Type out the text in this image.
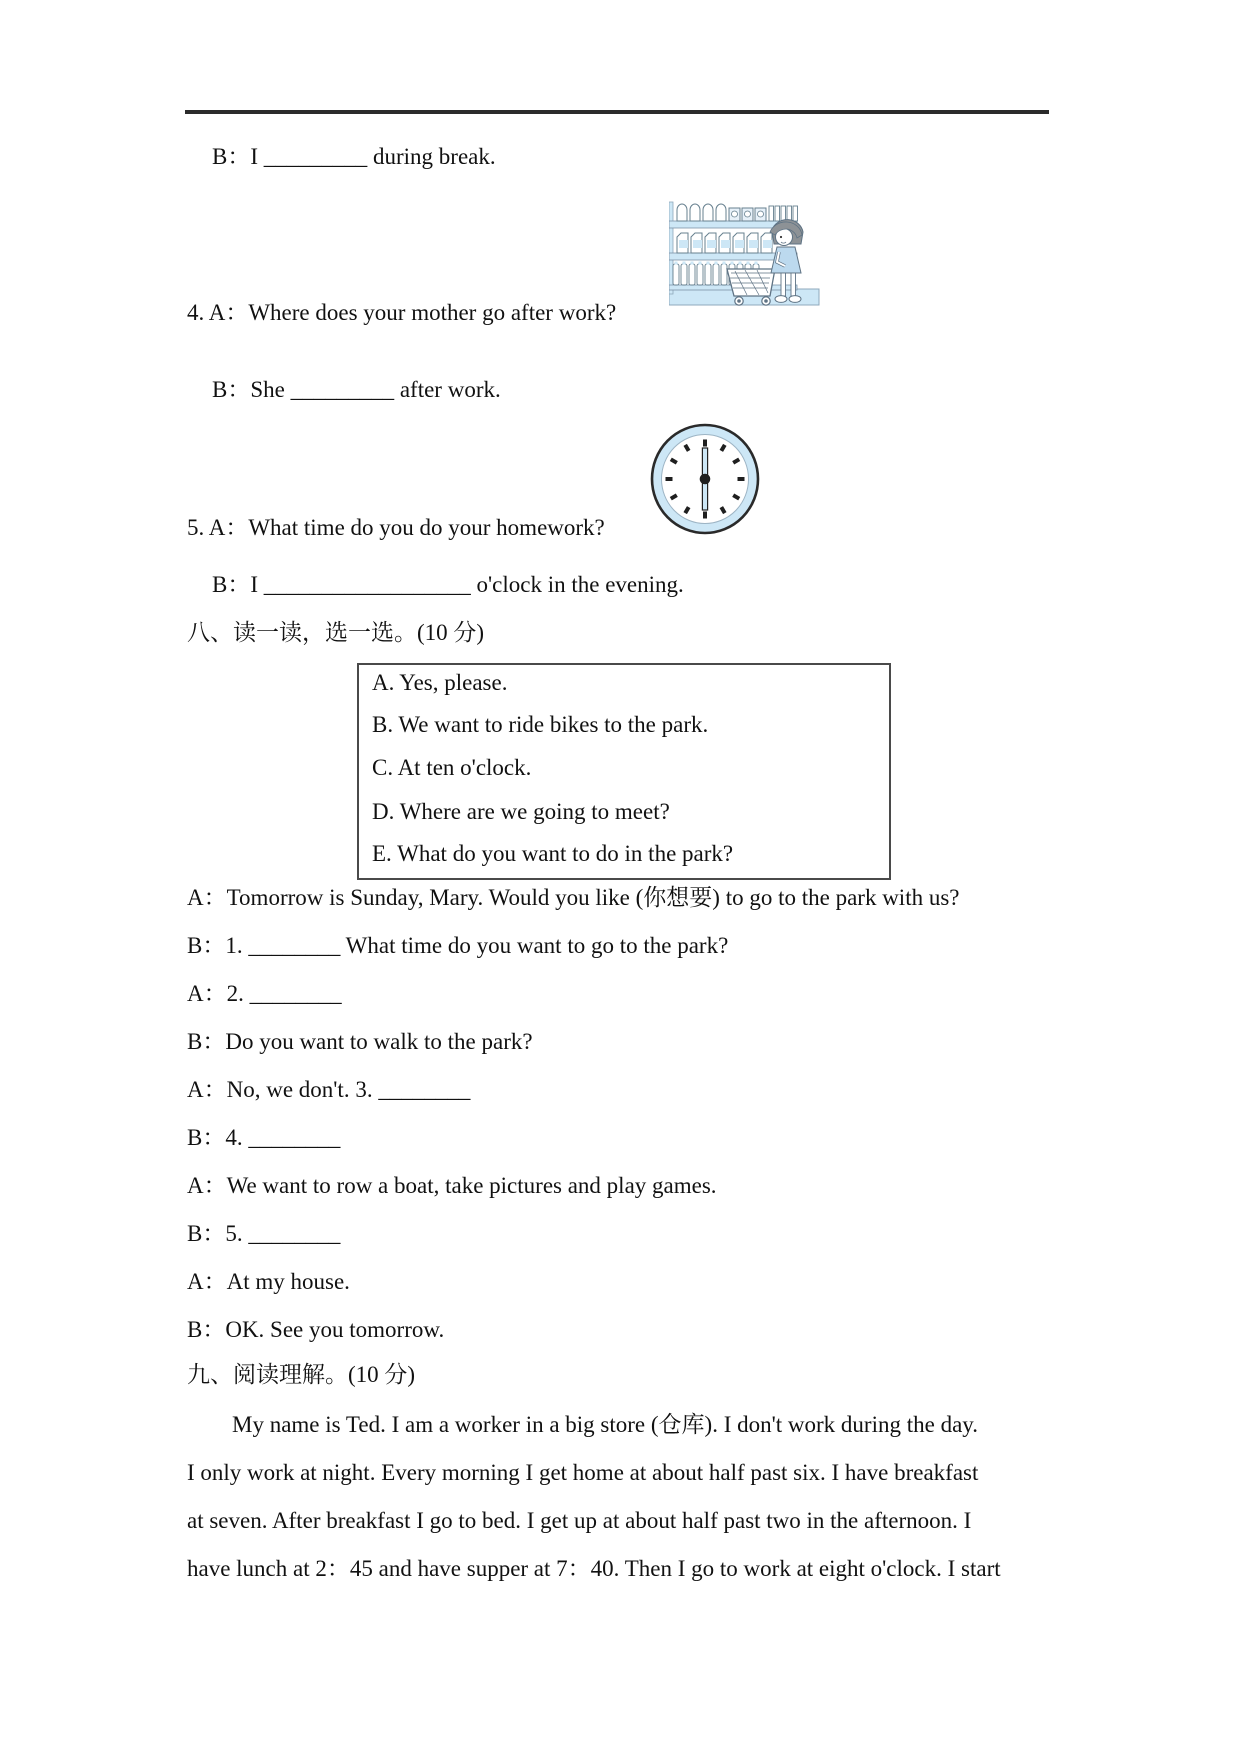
B：I _________ during break.
4. A：Where does your mother go after work?
B：She _________ after work.
5. A：What time do you do your homework?
B：I __________________ o'clock in the evening.
八、读一读，选一选。(10 分)
A. Yes, please.
B. We want to ride bikes to the park.
C. At ten o'clock.
D. Where are we going to meet?
E. What do you want to do in the park?
A：Tomorrow is Sunday, Mary. Would you like (你想要) to go to the park with us?
B：1. ________ What time do you want to go to the park?
A：2. ________
B：Do you want to walk to the park?
A：No, we don't. 3. ________
B：4. ________
A：We want to row a boat, take pictures and play games.
B：5. ________
A：At my house.
B：OK. See you tomorrow.
九、阅读理解。(10 分)
My name is Ted. I am a worker in a big store (仓库). I don't work during the day.
I only work at night. Every morning I get home at about half past six. I have breakfast
at seven. After breakfast I go to bed. I get up at about half past two in the afternoon. I
have lunch at 2：45 and have supper at 7：40. Then I go to work at eight o'clock. I start
